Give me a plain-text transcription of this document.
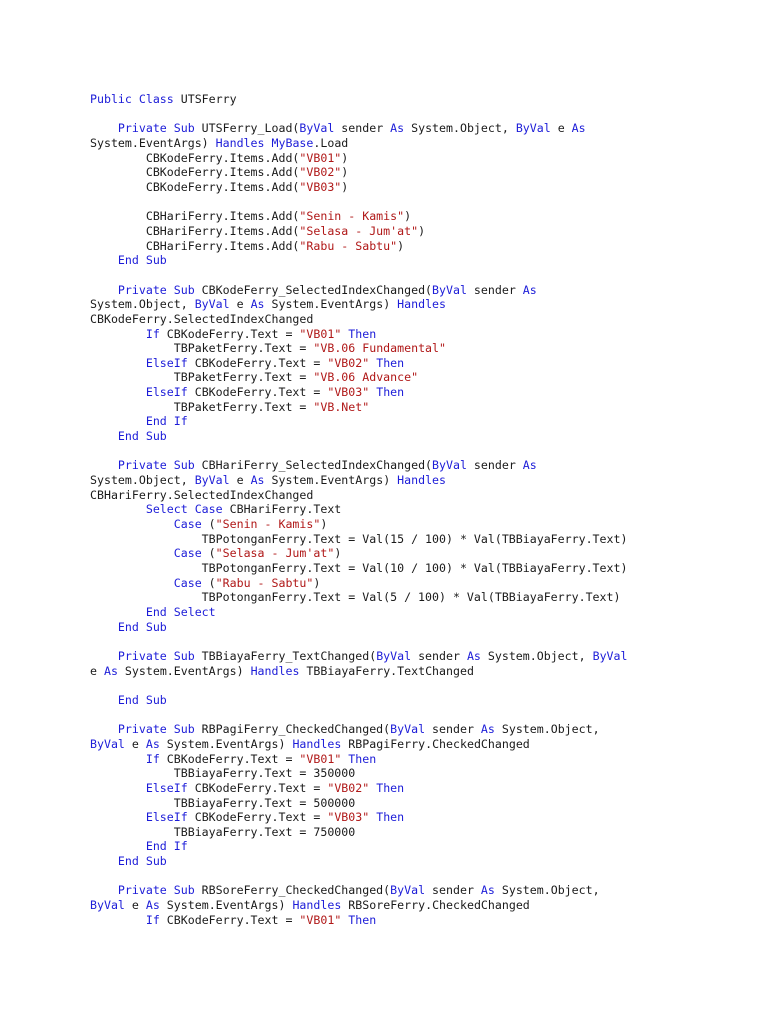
Public Class UTSFerry

Private Sub UTSFerry_Load(ByVal sender As System.Object, ByVal e As
System.EventArgs) Handles MyBase.Load
CBKodeFerry.Items.Add("VB01")
CBKodeFerry.Items.Add("VB02")
CBKodeFerry.Items.Add("VB03")

CBHariFerry.Items.Add("Senin - Kamis")
CBHariFerry.Items.Add("Selasa - Jum'at")
CBHariFerry.Items.Add("Rabu - Sabtu")
End Sub

Private Sub CBKodeFerry_SelectedIndexChanged(ByVal sender As
System.Object, ByVal e As System.EventArgs) Handles
CBKodeFerry.SelectedIndexChanged
If CBKodeFerry.Text = "VB01" Then
TBPaketFerry.Text = "VB.06 Fundamental"
ElseIf CBKodeFerry.Text = "VB02" Then
TBPaketFerry.Text = "VB.06 Advance"
ElseIf CBKodeFerry.Text = "VB03" Then
TBPaketFerry.Text = "VB.Net"
End If
End Sub

Private Sub CBHariFerry_SelectedIndexChanged(ByVal sender As
System.Object, ByVal e As System.EventArgs) Handles
CBHariFerry.SelectedIndexChanged
Select Case CBHariFerry.Text
Case ("Senin - Kamis")
TBPotonganFerry.Text = Val(15 / 100) * Val(TBBiayaFerry.Text)
Case ("Selasa - Jum'at")
TBPotonganFerry.Text = Val(10 / 100) * Val(TBBiayaFerry.Text)
Case ("Rabu - Sabtu")
TBPotonganFerry.Text = Val(5 / 100) * Val(TBBiayaFerry.Text)
End Select
End Sub

Private Sub TBBiayaFerry_TextChanged(ByVal sender As System.Object, ByVal
e As System.EventArgs) Handles TBBiayaFerry.TextChanged

End Sub

Private Sub RBPagiFerry_CheckedChanged(ByVal sender As System.Object,
ByVal e As System.EventArgs) Handles RBPagiFerry.CheckedChanged
If CBKodeFerry.Text = "VB01" Then
TBBiayaFerry.Text = 350000
ElseIf CBKodeFerry.Text = "VB02" Then
TBBiayaFerry.Text = 500000
ElseIf CBKodeFerry.Text = "VB03" Then
TBBiayaFerry.Text = 750000
End If
End Sub

Private Sub RBSoreFerry_CheckedChanged(ByVal sender As System.Object,
ByVal e As System.EventArgs) Handles RBSoreFerry.CheckedChanged
If CBKodeFerry.Text = "VB01" Then
